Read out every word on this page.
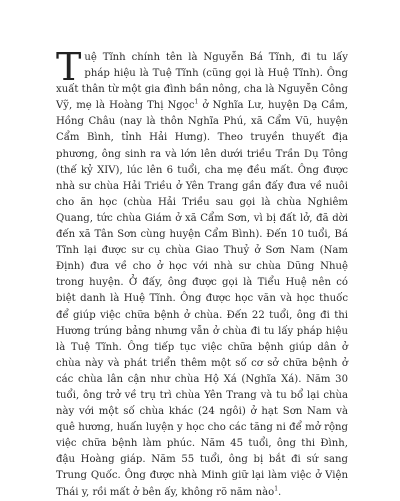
Tuệ Tĩnh chính tên là Nguyễn Bá Tĩnh, đi tu lấy pháp hiệu là Tuệ Tĩnh (cũng gọi là Huệ Tĩnh). Ông xuất thân từ một gia đình bần nông, cha là Nguyễn Công Vỹ, mẹ là Hoàng Thị Ngọc$^1$ ở Nghĩa Lư, huyện Dạ Cầm, Hồng Châu (nay là thôn Nghĩa Phú, xã Cẩm Vũ, huyện Cẩm Bình, tỉnh Hải Hưng). Theo truyền thuyết địa phương, ông sinh ra và lớn lên dưới triều Trần Dụ Tông (thế kỷ XIV), lúc lên 6 tuổi, cha mẹ đều mất. Ông được nhà sư chùa Hải Triều ở Yên Trang gần đấy đưa về nuôi cho ăn học (chùa Hải Triều sau gọi là chùa Nghiêm Quang, tức chùa Giám ở xã Cẩm Sơn, vì bị đất lở, đã dời đến xã Tân Sơn cùng huyện Cẩm Bình). Đến 10 tuổi, Bá Tĩnh lại được sư cụ chùa Giao Thuỷ ở Sơn Nam (Nam Định) đưa về cho ở học với nhà sư chùa Dũng Nhuệ trong huyện. Ở đấy, ông được gọi là Tiểu Huệ nên có biệt danh là Huệ Tĩnh. Ông được học văn và học thuốc để giúp việc chữa bệnh ở chùa. Đến 22 tuổi, ông đi thi Hương trúng bảng nhưng vẫn ở chùa đi tu lấy pháp hiệu là Tuệ Tĩnh. Ông tiếp tục việc chữa bệnh giúp dân ở chùa này và phát triển thêm một số cơ sở chữa bệnh ở các chùa lân cận như chùa Hộ Xá (Nghĩa Xá). Năm 30 tuổi, ông trở về trụ trì chùa Yên Trang và tu bổ lại chùa này với một số chùa khác (24 ngôi) ở hạt Sơn Nam và quê hương, huấn luyện y học cho các tăng ni để mở rộng việc chữa bệnh làm phúc. Năm 45 tuổi, ông thi Đình, đậu Hoàng giáp. Năm 55 tuổi, ông bị bắt đi sứ sang Trung Quốc. Ông được nhà Minh giữ lại làm việc ở Viện Thái y, rồi mất ở bên ấy, không rõ năm nào$^1$.
